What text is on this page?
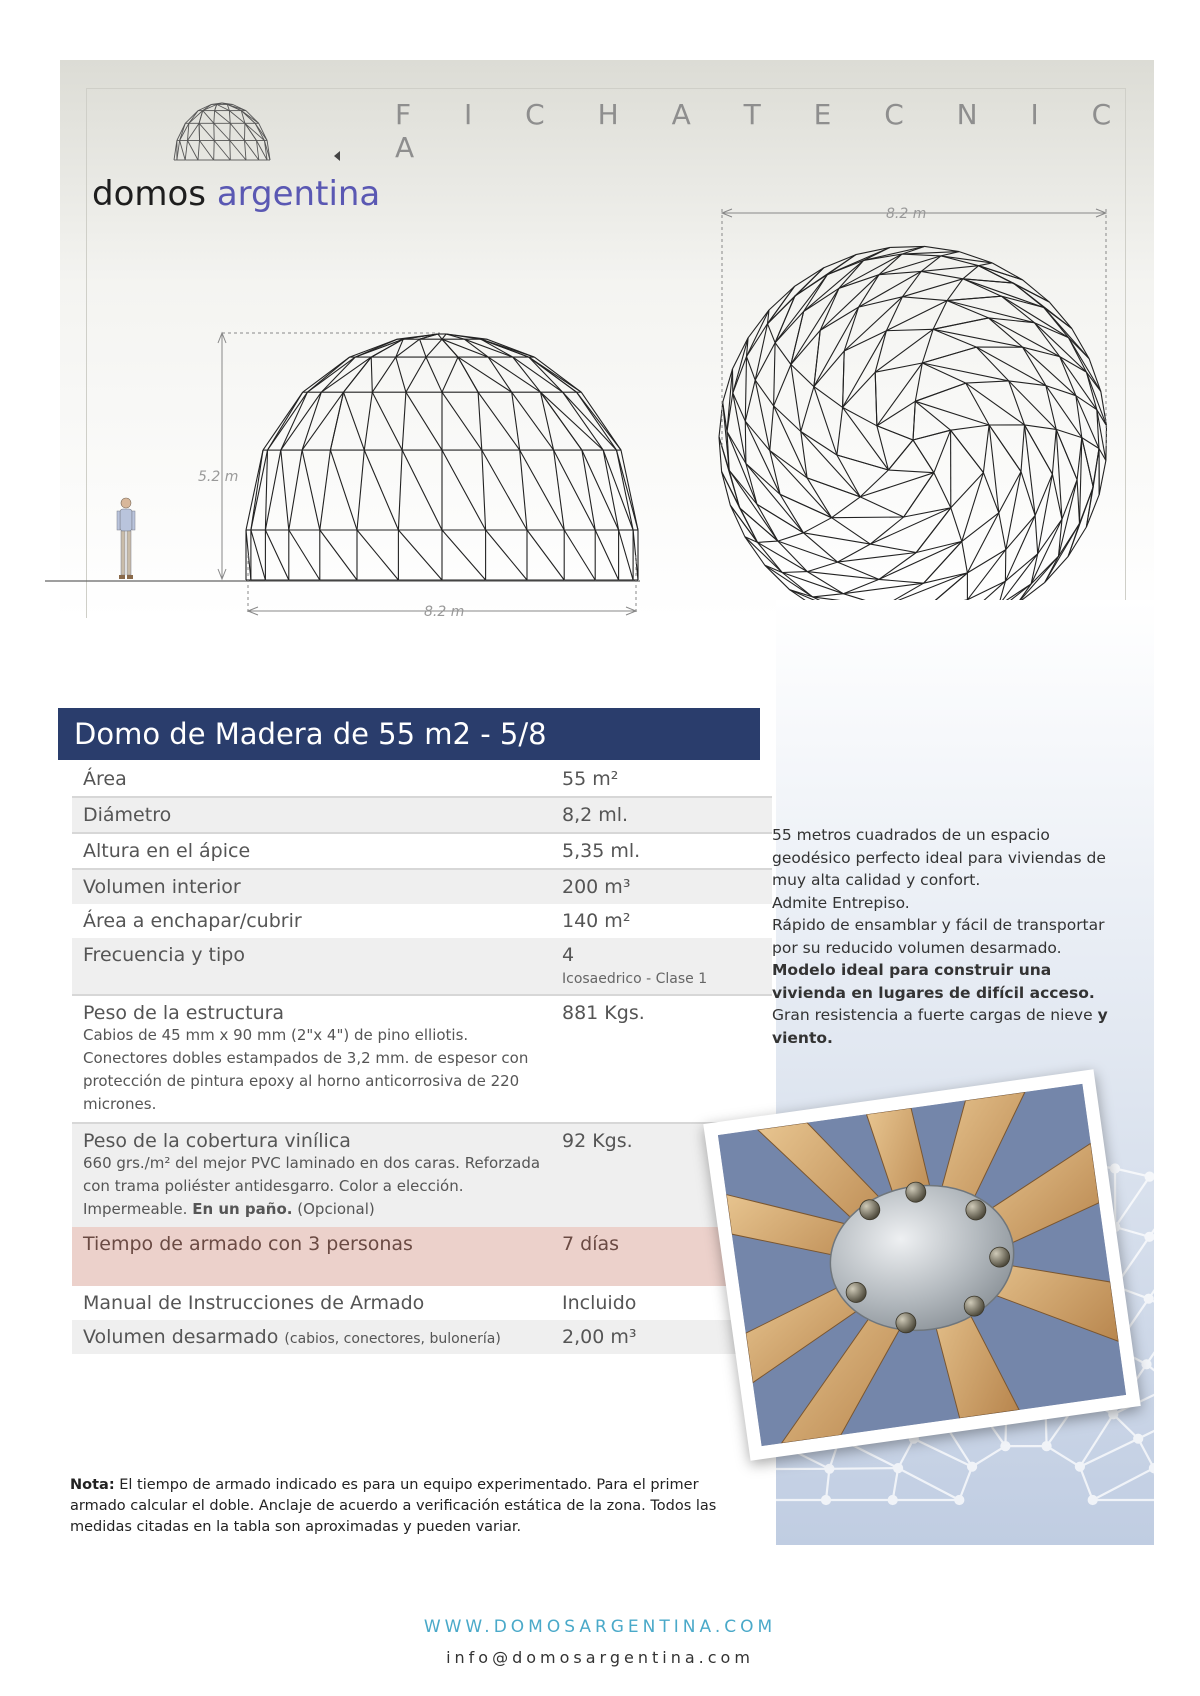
F I C H A T E C N I C A
domos argentina
5.2 m
8.2 m
8.2 m
Domo de Madera de 55 m2 - 5/8
Área	55 m²
Diámetro	8,2 ml.
Altura en el ápice	5,35 ml.
Volumen interior	200 m³
Área a enchapar/cubrir	140 m²
Frecuencia y tipo	4
Icosaedrico - Clase 1
Peso de la estructura
Cabios de 45 mm x 90 mm (2"x 4") de pino elliotis. Conectores dobles estampados de 3,2 mm. de espesor con protección de pintura epoxy al horno anticorrosiva de 220 micrones.	881 Kgs.
Peso de la cobertura vinílica
660 grs./m² del mejor PVC laminado en dos caras. Reforzada con trama poliéster antidesgarro. Color a elección. Impermeable. En un paño. (Opcional)	92 Kgs.
Tiempo de armado con 3 personas	7 días
Manual de Instrucciones de Armado	Incluido
Volumen desarmado (cabios, conectores, bulonería)	2,00 m³

55 metros cuadrados de un espacio geodésico perfecto ideal para viviendas de muy alta calidad y confort.

Admite Entrepiso.

Rápido de ensamblar y fácil de transportar por su reducido volumen desarmado.

Modelo ideal para construir una vivienda en lugares de difícil acceso.

Gran resistencia a fuerte cargas de nieve y viento.

Nota: El tiempo de armado indicado es para un equipo experimentado. Para el primer armado calcular el doble. Anclaje de acuerdo a verificación estática de la zona. Todos las medidas citadas en la tabla son aproximadas y pueden variar.

WWW.DOMOSARGENTINA.COM
info@domosargentina.com
